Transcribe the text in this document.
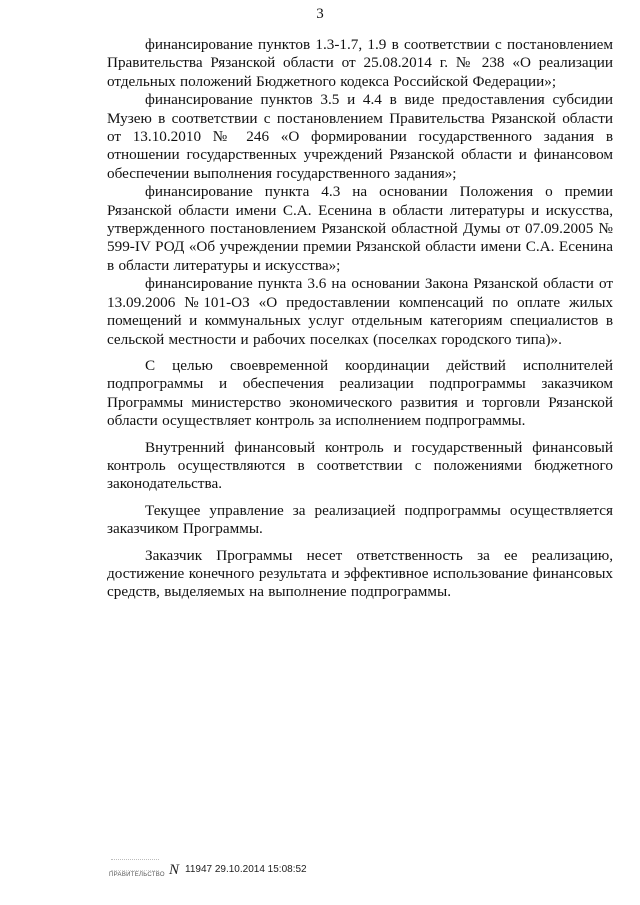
3

финансирование пунктов 1.3-1.7, 1.9 в соответствии с постановлением Правительства Рязанской области от 25.08.2014 г. № 238 «О реализации отдельных положений Бюджетного кодекса Российской Федерации»;

финансирование пунктов 3.5 и 4.4 в виде предоставления субсидии Музею в соответствии с постановлением Правительства Рязанской области от 13.10.2010 № 246 «О формировании государственного задания в отношении государственных учреждений Рязанской области и финансовом обеспечении выполнения государственного задания»;

финансирование пункта 4.3 на основании Положения о премии Рязанской области имени С.А. Есенина в области литературы и искусства, утвержденного постановлением Рязанской областной Думы от 07.09.2005 № 599-IV РОД «Об учреждении премии Рязанской области имени С.А. Есенина в области литературы и искусства»;

финансирование пункта 3.6 на основании Закона Рязанской области от 13.09.2006 №101-ОЗ «О предоставлении компенсаций по оплате жилых помещений и коммунальных услуг отдельным категориям специалистов в сельской местности и рабочих поселках (поселках городского типа)».

С целью своевременной координации действий исполнителей подпрограммы и обеспечения реализации подпрограммы заказчиком Программы министерство экономического развития и торговли Рязанской области осуществляет контроль за исполнением подпрограммы.

Внутренний финансовый контроль и государственный финансовый контроль осуществляются в соответствии с положениями бюджетного законодательства.

Текущее управление за реализацией подпрограммы осуществляется заказчиком Программы.

Заказчик Программы несет ответственность за ее реализацию, достижение конечного результата и эффективное использование финансовых средств, выделяемых на выполнение подпрограммы.

ПРАВИТЕЛЬСТВО N 11947 29.10.2014 15:08:52
